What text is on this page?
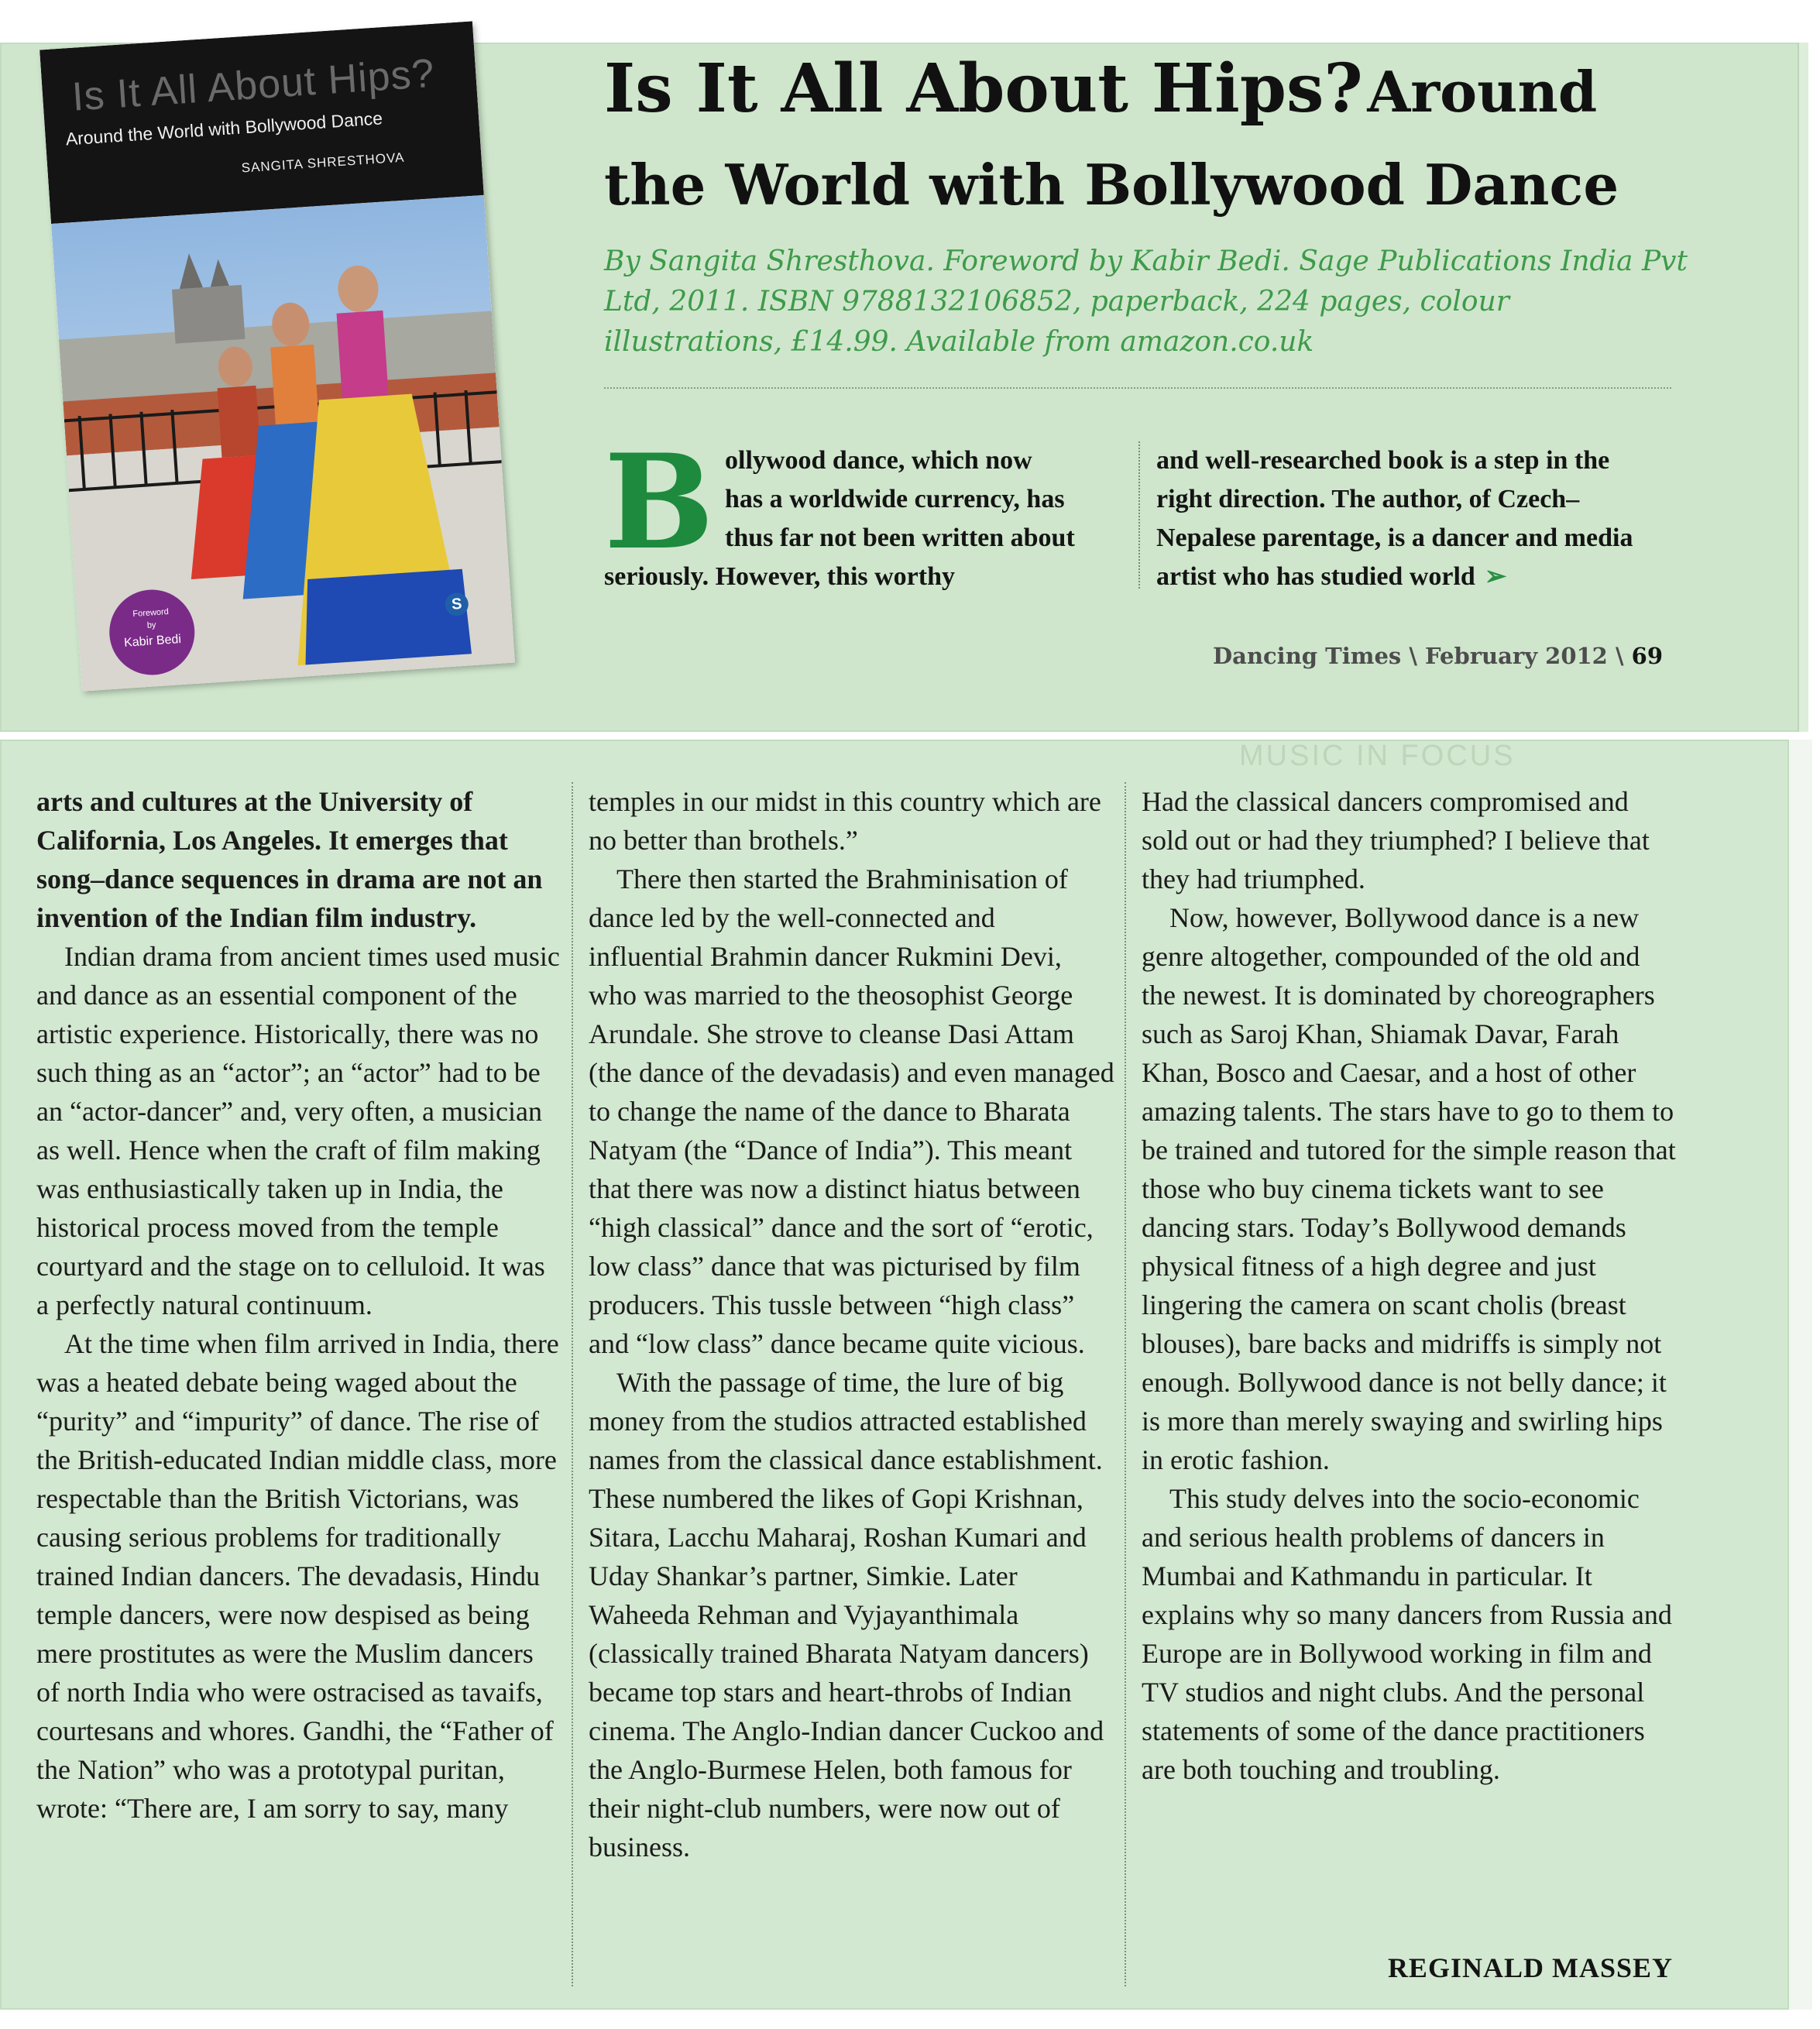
Is It All About Hips?
Around the World with Bollywood Dance
SANGITA SHRESTHOVA
Foreword
by
Kabir Bedi
S
Is It All About Hips? Around the World with Bollywood Dance
By Sangita Shresthova. Foreword by Kabir Bedi. Sage Publications India Pvt Ltd, 2011. ISBN 9788132106852, paperback, 224 pages, colour illustrations, £14.99. Available from amazon.co.uk
Bollywood dance, which now has a worldwide currency, has thus far not been written about seriously. However, this worthy
and well-researched book is a step in the right direction. The author, of Czech–Nepalese parentage, is a dancer and media artist who has studied world ➢
Dancing Times \ February 2012 \ 69
MUSIC IN FOCUS

arts and cultures at the University of California, Los Angeles. It emerges that song–dance sequences in drama are not an invention of the Indian film industry.

Indian drama from ancient times used music and dance as an essential component of the artistic experience. Historically, there was no such thing as an “actor”; an “actor” had to be an “actor-dancer” and, very often, a musician as well. Hence when the craft of film making was enthusiastically taken up in India, the historical process moved from the temple courtyard and the stage on to celluloid. It was a perfectly natural continuum.

At the time when film arrived in India, there was a heated debate being waged about the “purity” and “impurity” of dance. The rise of the British-educated Indian middle class, more respectable than the British Victorians, was causing serious problems for traditionally trained Indian dancers. The devadasis, Hindu temple dancers, were now despised as being mere prostitutes as were the Muslim dancers of north India who were ostracised as tavaifs, courtesans and whores. Gandhi, the “Father of the Nation” who was a prototypal puritan, wrote: “There are, I am sorry to say, many

temples in our midst in this country which are no better than brothels.”

There then started the Brahminisation of dance led by the well-connected and influential Brahmin dancer Rukmini Devi, who was married to the theosophist George Arundale. She strove to cleanse Dasi Attam (the dance of the devadasis) and even managed to change the name of the dance to Bharata Natyam (the “Dance of India”). This meant that there was now a distinct hiatus between “high classical” dance and the sort of “erotic, low class” dance that was picturised by film producers. This tussle between “high class” and “low class” dance became quite vicious.

With the passage of time, the lure of big money from the studios attracted established names from the classical dance establishment. These numbered the likes of Gopi Krishnan, Sitara, Lacchu Maharaj, Roshan Kumari and Uday Shankar’s partner, Simkie. Later Waheeda Rehman and Vyjayanthimala (classically trained Bharata Natyam dancers) became top stars and heart-throbs of Indian cinema. The Anglo-Indian dancer Cuckoo and the Anglo-Burmese Helen, both famous for their night-club numbers, were now out of business.

Had the classical dancers compromised and sold out or had they triumphed? I believe that they had triumphed.

Now, however, Bollywood dance is a new genre altogether, compounded of the old and the newest. It is dominated by choreographers such as Saroj Khan, Shiamak Davar, Farah Khan, Bosco and Caesar, and a host of other amazing talents. The stars have to go to them to be trained and tutored for the simple reason that those who buy cinema tickets want to see dancing stars. Today’s Bollywood demands physical fitness of a high degree and just lingering the camera on scant cholis (breast blouses), bare backs and midriffs is simply not enough. Bollywood dance is not belly dance; it is more than merely swaying and swirling hips in erotic fashion.

This study delves into the socio-economic and serious health problems of dancers in Mumbai and Kathmandu in particular. It explains why so many dancers from Russia and Europe are in Bollywood working in film and TV studios and night clubs. And the personal statements of some of the dance practitioners are both touching and troubling.

REGINALD MASSEY
